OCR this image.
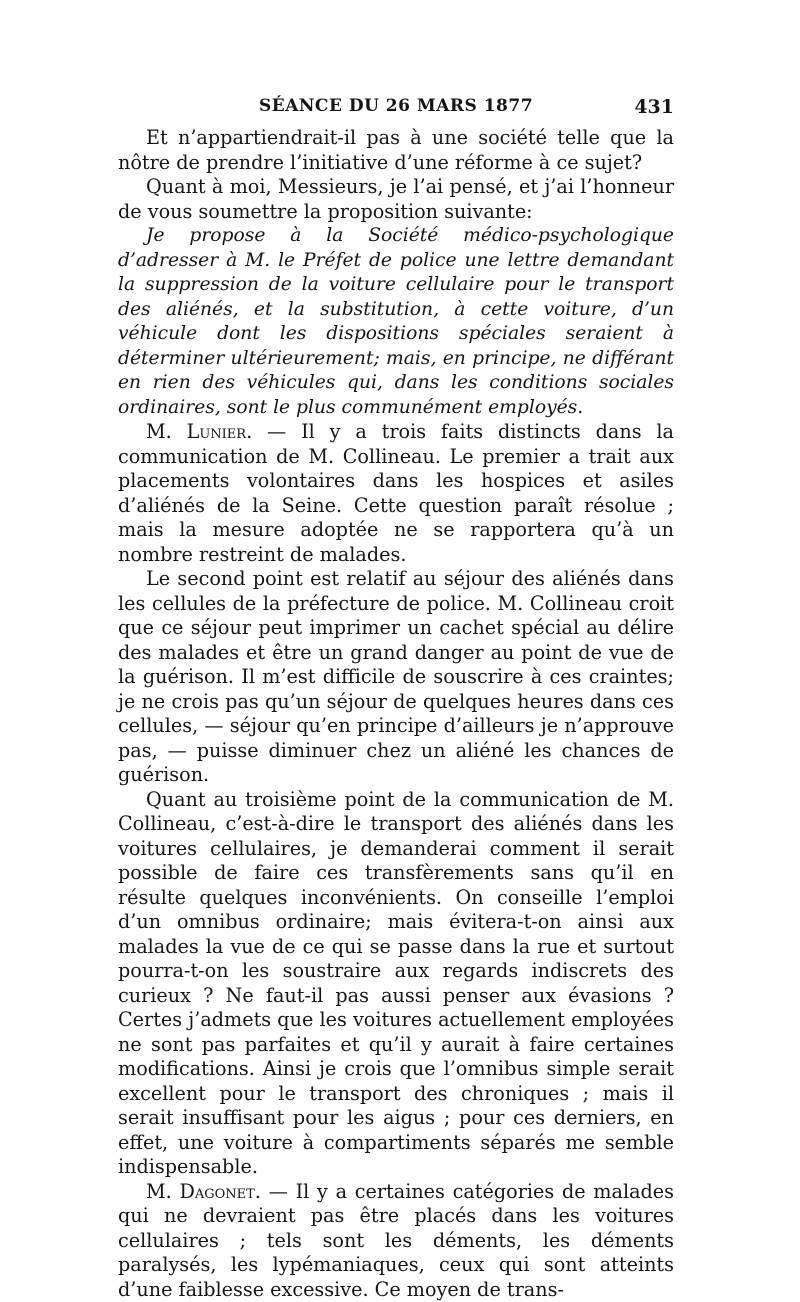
SÉANCE DU 26 MARS 1877	431

Et n’appartiendrait-il pas à une société telle que la nôtre de prendre l’initiative d’une réforme à ce sujet?

Quant à moi, Messieurs, je l’ai pensé, et j’ai l’honneur de vous soumettre la proposition suivante:

Je propose à la Société médico-psychologique d’adresser à M. le Préfet de police une lettre demandant la suppression de la voiture cellulaire pour le transport des aliénés, et la substitution, à cette voiture, d’un véhicule dont les dispositions spéciales seraient à déterminer ultérieurement; mais, en principe, ne différant en rien des véhicules qui, dans les conditions sociales ordinaires, sont le plus communément employés.

M. Lunier. — Il y a trois faits distincts dans la communication de M. Collineau. Le premier a trait aux placements volontaires dans les hospices et asiles d’aliénés de la Seine. Cette question paraît résolue ; mais la mesure adoptée ne se rapportera qu’à un nombre restreint de malades.

Le second point est relatif au séjour des aliénés dans les cellules de la préfecture de police. M. Collineau croit que ce séjour peut imprimer un cachet spécial au délire des malades et être un grand danger au point de vue de la guérison. Il m’est difficile de souscrire à ces craintes; je ne crois pas qu’un séjour de quelques heures dans ces cellules, — séjour qu’en principe d’ailleurs je n’approuve pas, — puisse diminuer chez un aliéné les chances de guérison.

Quant au troisième point de la communication de M. Collineau, c’est-à-dire le transport des aliénés dans les voitures cellulaires, je demanderai comment il serait possible de faire ces transfèrements sans qu’il en résulte quelques inconvénients. On conseille l’emploi d’un omnibus ordinaire; mais évitera-t-on ainsi aux malades la vue de ce qui se passe dans la rue et surtout pourra-t-on les soustraire aux regards indiscrets des curieux ? Ne faut-il pas aussi penser aux évasions ? Certes j’admets que les voitures actuellement employées ne sont pas parfaites et qu’il y aurait à faire certaines modifications. Ainsi je crois que l’omnibus simple serait excellent pour le transport des chroniques ; mais il serait insuffisant pour les aigus ; pour ces derniers, en effet, une voiture à compartiments séparés me semble indispensable.

M. Dagonet. — Il y a certaines catégories de malades qui ne devraient pas être placés dans les voitures cellulaires ; tels sont les déments, les déments paralysés, les lypémaniaques, ceux qui sont atteints d’une faiblesse excessive. Ce moyen de trans-
